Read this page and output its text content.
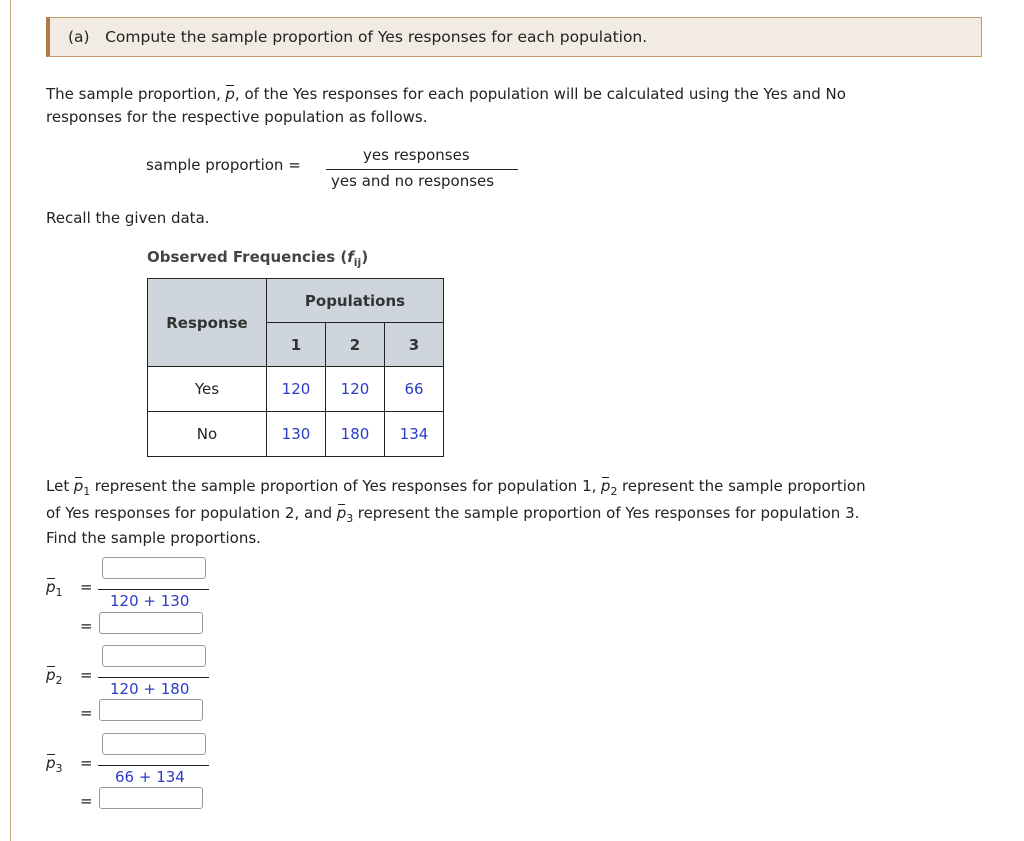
(a) Compute the sample proportion of Yes responses for each population.
The sample proportion, p , of the Yes responses for each population will be calculated using the Yes and No
responses for the respective population as follows.
sample proportion =
yes responses
yes and no responses
Recall the given data.
Observed Frequencies ( f ij )
Response	Populations		
	1	2	3
Yes	120	120	66
No	130	180	134
Let p 1 represent the sample proportion of Yes responses for population 1, p 2 represent the sample proportion
of Yes responses for population 2, and p 3 represent the sample proportion of Yes responses for population 3.
Find the sample proportions.
p 1 =
120 + 130
=
p 2 =
120 + 180
=
p 3 =
66 + 134
=
